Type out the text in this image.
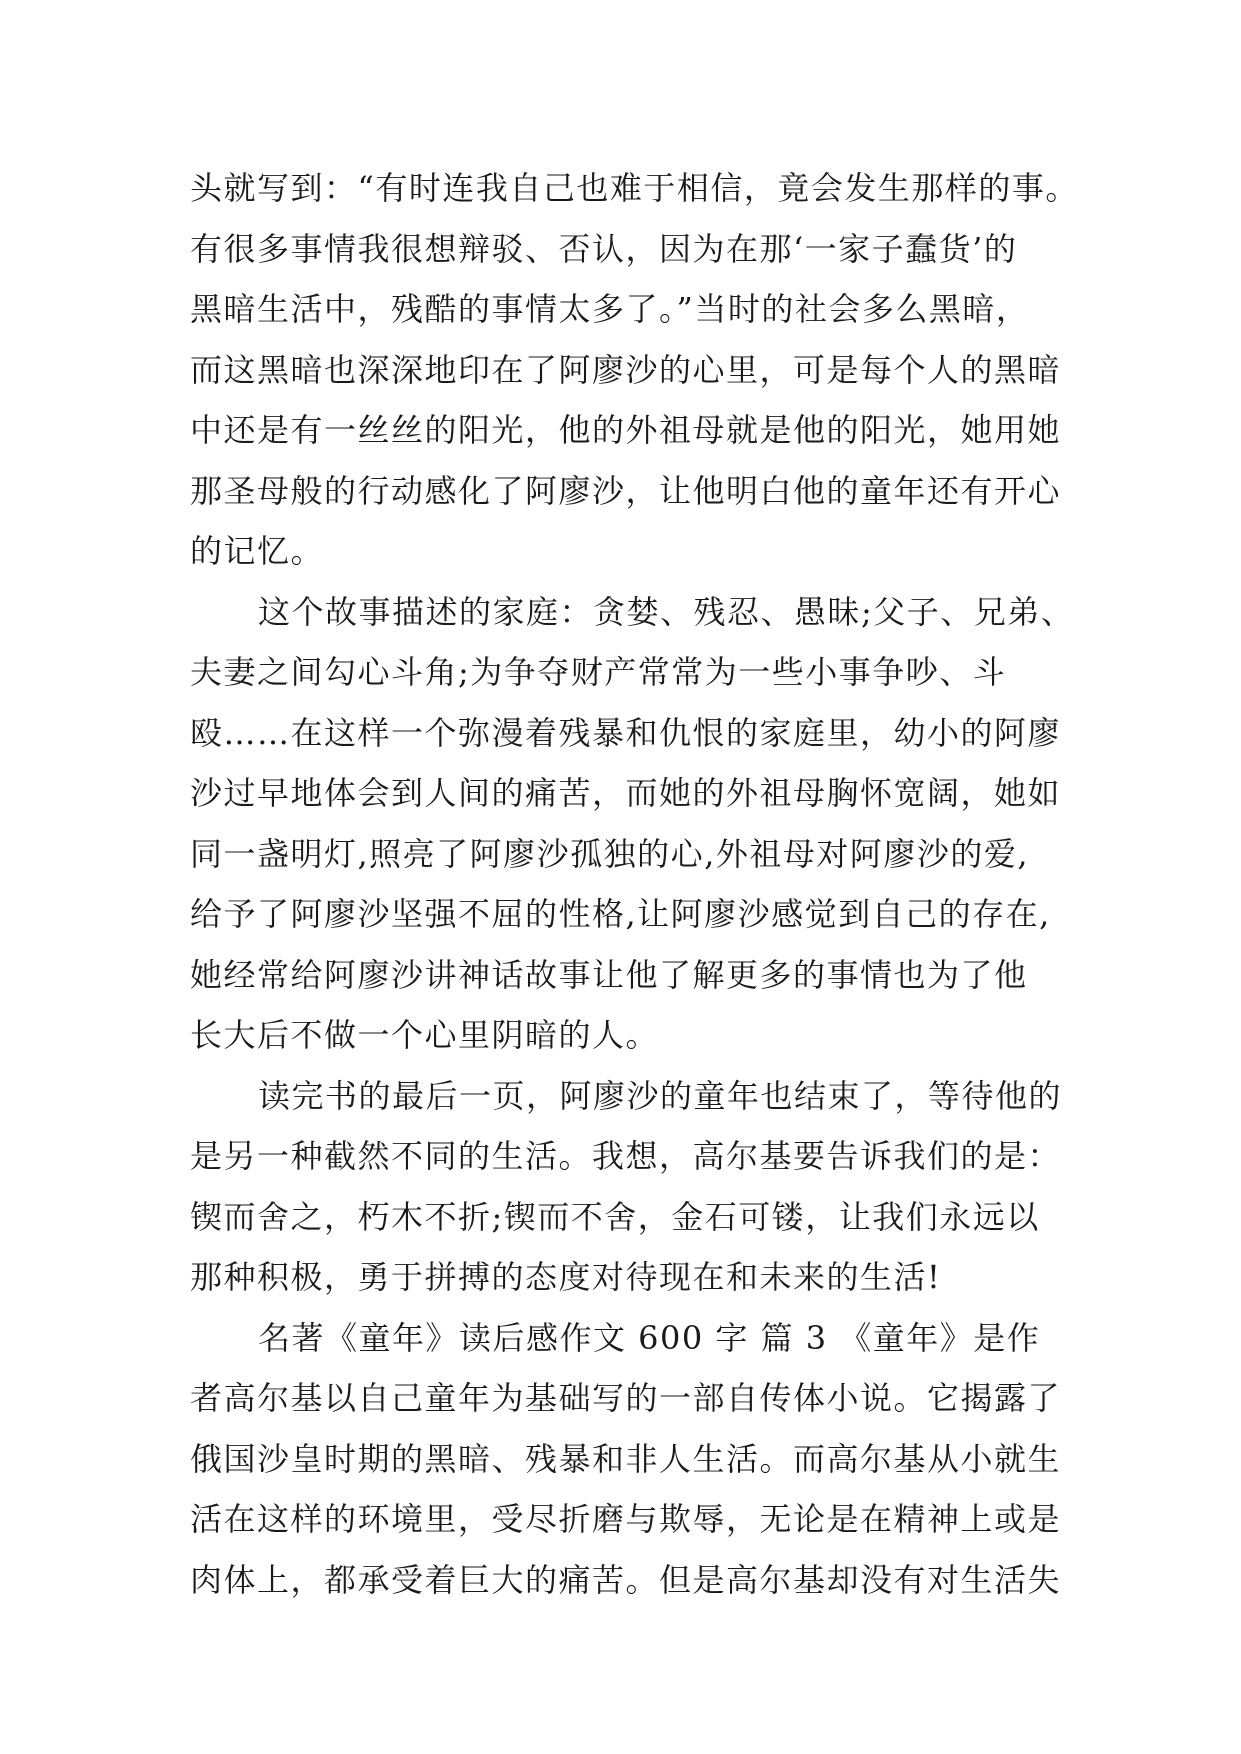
头就写到：“有时连我自己也难于相信，竟会发生那样的事。
有很多事情我很想辩驳、否认，因为在那‘一家子蠢货’的
黑暗生活中，残酷的事情太多了。”当时的社会多么黑暗，
而这黑暗也深深地印在了阿廖沙的心里，可是每个人的黑暗
中还是有一丝丝的阳光，他的外祖母就是他的阳光，她用她
那圣母般的行动感化了阿廖沙，让他明白他的童年还有开心
的记忆。
这个故事描述的家庭：贪婪、残忍、愚昧;父子、兄弟、
夫妻之间勾心斗角;为争夺财产常常为一些小事争吵、斗
殴……在这样一个弥漫着残暴和仇恨的家庭里，幼小的阿廖
沙过早地体会到人间的痛苦，而她的外祖母胸怀宽阔，她如
同一盏明灯,照亮了阿廖沙孤独的心,外祖母对阿廖沙的爱,
给予了阿廖沙坚强不屈的性格,让阿廖沙感觉到自己的存在,
她经常给阿廖沙讲神话故事让他了解更多的事情也为了他
长大后不做一个心里阴暗的人。
读完书的最后一页，阿廖沙的童年也结束了，等待他的
是另一种截然不同的生活。我想，高尔基要告诉我们的是：
锲而舍之，朽木不折;锲而不舍，金石可镂，让我们永远以
那种积极，勇于拼搏的态度对待现在和未来的生活!
名著《童年》读后感作文 600 字 篇 3 《童年》是作
者高尔基以自己童年为基础写的一部自传体小说。它揭露了
俄国沙皇时期的黑暗、残暴和非人生活。而高尔基从小就生
活在这样的环境里，受尽折磨与欺辱，无论是在精神上或是
肉体上，都承受着巨大的痛苦。但是高尔基却没有对生活失
